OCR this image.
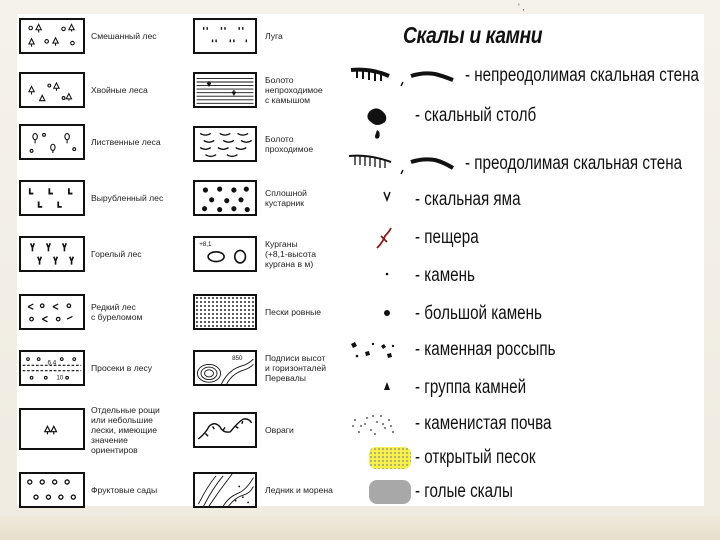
' ,
Смешанный лес
Хвойные леса
Лиственные леса
Вырубленный лес
Горелый лес
Редкий лес
с буреломом
6.4
10
Просеки в лесу
Отдельные рощи
или небольшие
лески, имеющие
значение
ориентиров
Фруктовые сады
Луга
Болото
непроходимое
с камышом
Болото
проходимое
Сплошной
кустарник
+8,1	Курганы
(+8,1-высота
кургана в м)
Пески ровные
850	Подписи высот
и горизонталей
Перевалы
Овраги
Ледник и морена
Скалы и камни
- непреодолимая скальная стена
- скальный столб
- преодолимая скальная стена
- скальная яма
- пещера
- камень
- большой камень
- каменная россыпь
- группа камней
- каменистая почва
- открытый песок
- голые скалы
